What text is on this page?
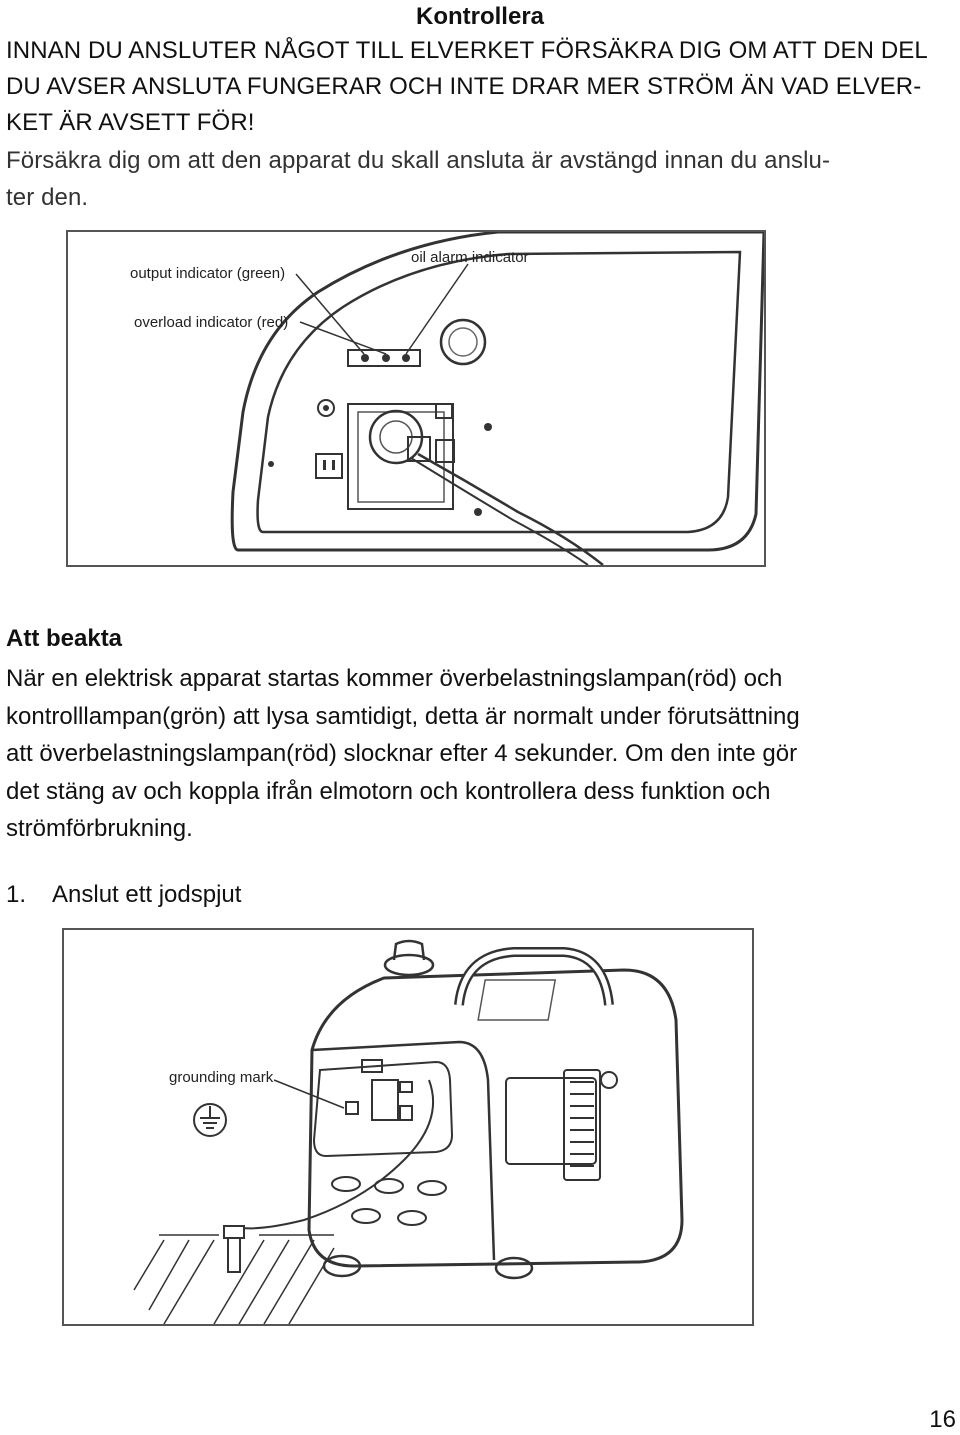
Kontrollera
INNAN DU ANSLUTER NÅGOT TILL ELVERKET FÖRSÄKRA DIG OM ATT DEN DEL
DU AVSER ANSLUTA FUNGERAR OCH INTE DRAR MER STRÖM ÄN VAD ELVER-
KET ÄR AVSETT FÖR!
Försäkra dig om att den apparat du skall ansluta är avstängd innan du anslu-
ter den.
output indicator (green)
overload indicator (red)
oil alarm indicator
Att beakta
När en elektrisk apparat startas kommer överbelastningslampan(röd) och
kontrolllampan(grön) att lysa samtidigt, detta är normalt under förutsättning
att överbelastningslampan(röd) slocknar efter 4 sekunder. Om den inte gör
det stäng av och koppla ifrån elmotorn och kontrollera dess funktion och
strömförbrukning.
1. Anslut ett jodspjut
grounding mark
16
